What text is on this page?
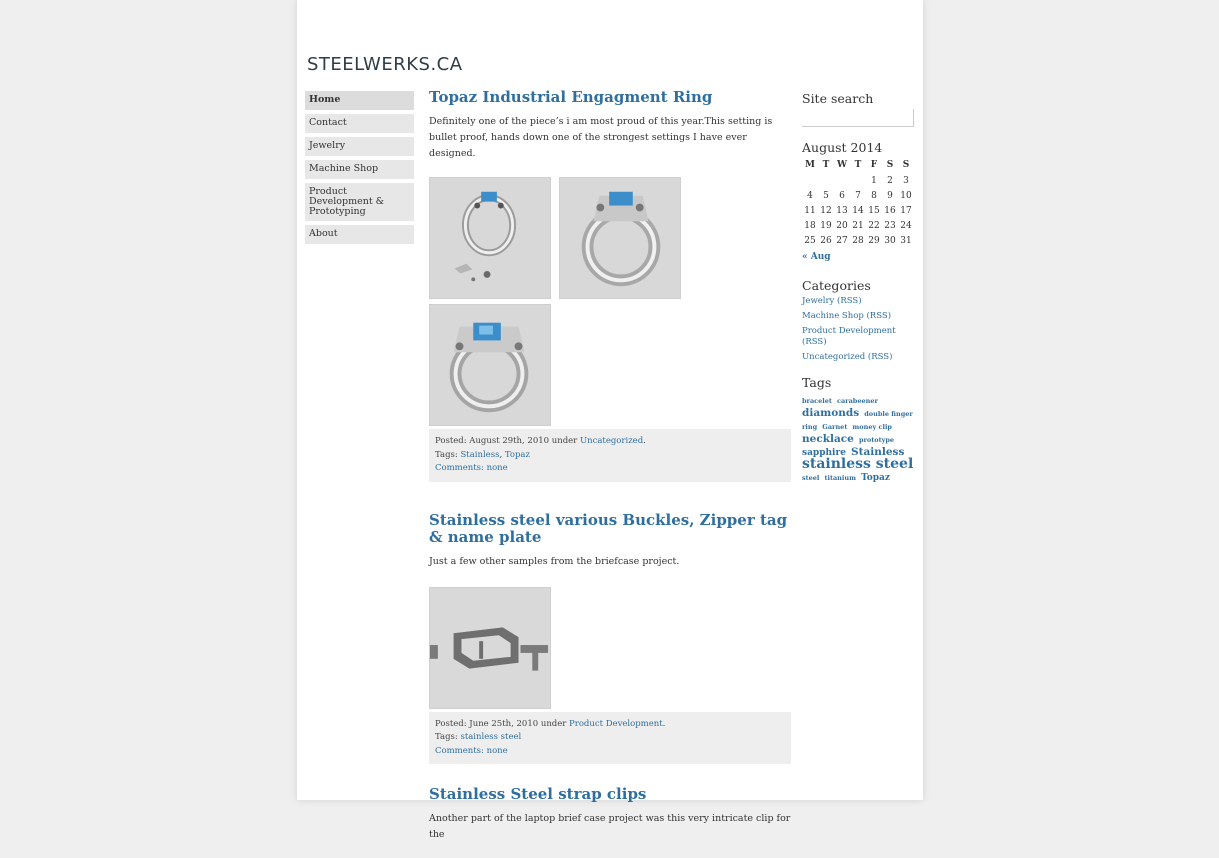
STEELWERKS.CA
Home
Contact
Jewelry
Machine Shop
Product Development & Prototyping
About
Topaz Industrial Engagment Ring

Definitely one of the piece’s i am most proud of this year.This setting is bullet proof, hands down one of the strongest settings I have ever designed.

Posted: August 29th, 2010 under Uncategorized.
Tags: Stainless, Topaz
Comments: none
Stainless steel various Buckles, Zipper tag & name plate

Just a few other samples from the briefcase project.

Posted: June 25th, 2010 under Product Development.
Tags: stainless steel
Comments: none
Stainless Steel strap clips

Another part of the laptop brief case project was this very intricate clip for the

Site search
August 2014
M	T	W	T	F	S	S
				1	2	3
4	5	6	7	8	9	10
11	12	13	14	15	16	17
18	19	20	21	22	23	24
25	26	27	28	29	30	31
« Aug
Categories
Jewelry (RSS)
Machine Shop (RSS)
Product Development (RSS)
Uncategorized (RSS)
Tags
bracelet carabeener diamonds double finger ring Garnet money clip necklace prototype sapphire Stainless stainless steel steel titanium Topaz
